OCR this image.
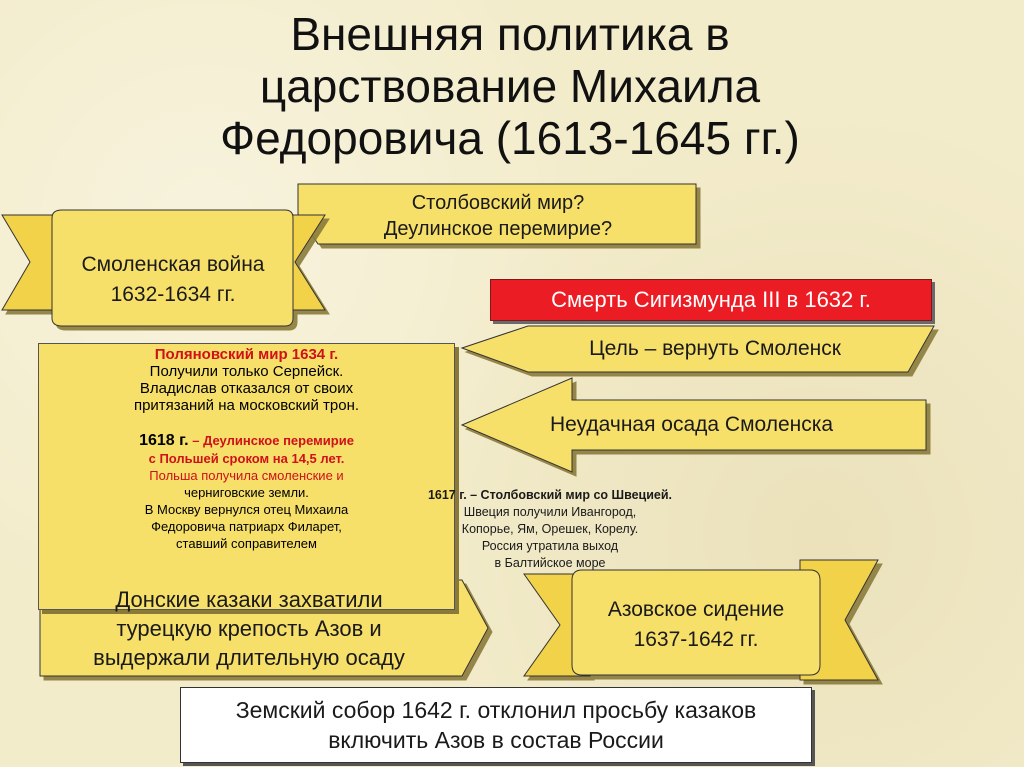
Внешняя политика в
царствование Михаила
Федоровича (1613-1645 гг.)
Столбовский мир?
Деулинское перемирие?
Смоленская война
1632-1634 гг.	Смерть Сигизмунда III в 1632 г.
Цель – вернуть Смоленск
Неудачная осада Смоленска
Поляновский мир 1634 г.
Получили только Серпейск.
Владислав отказался от своих
притязаний на московский трон.
1618 г. – Деулинское перемирие
с Польшей сроком на 14,5 лет.
Польша получила смоленские и
черниговские земли.
В Москву вернулся отец Михаила
Федоровича патриарх Филарет,
ставший соправителем
1617 г. – Столбовский мир со Швецией.
Швеция получили Ивангород,
Копорье, Ям, Орешек, Корелу.
Россия утратила выход
в Балтийское море
Донские казаки захватили
турецкую крепость Азов и
выдержали длительную осаду
Азовское сидение
1637-1642 гг.
Земский собор 1642 г. отклонил просьбу казаков
включить Азов в состав России
